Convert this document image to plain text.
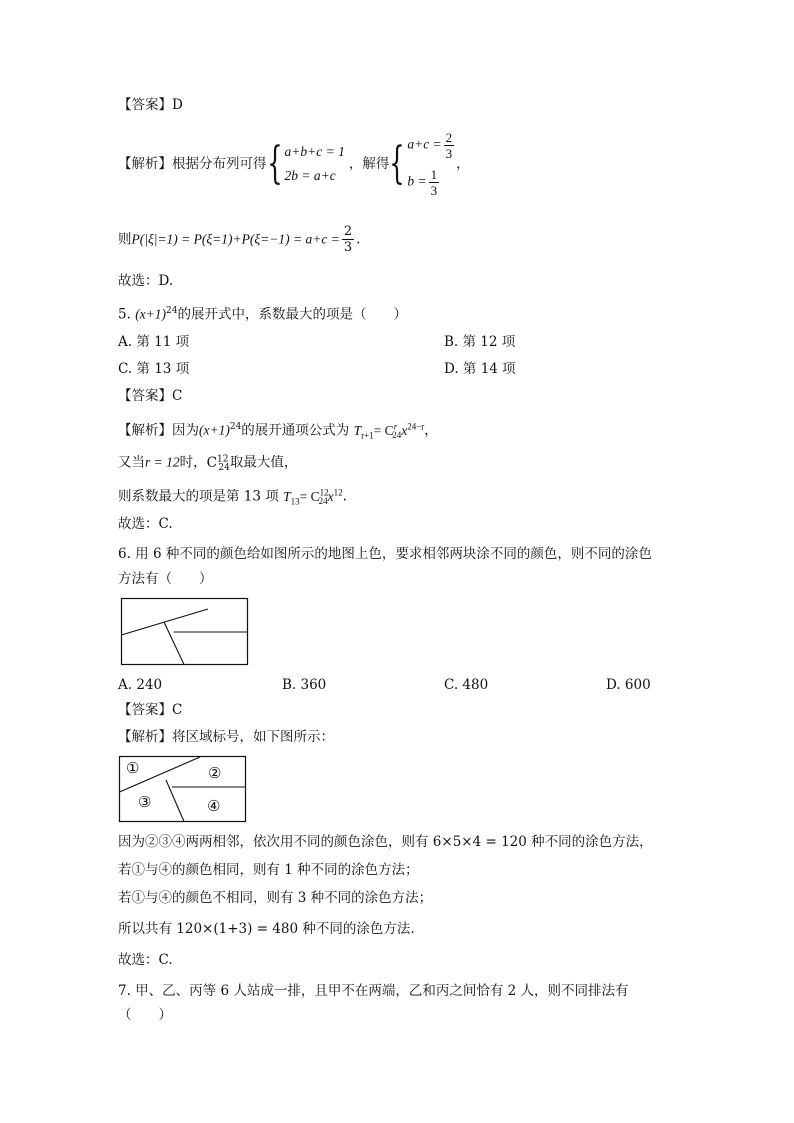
【答案】D
【解析】根据分布列可得{ a+b+c = 1
2b = a+c
，解得{ $a+c = \frac{2}{3}$
$b = \frac{1}{3}$
，
则$P(|\xi|=1) = P(\xi=1)+P(\xi=-1) = a+c = \frac{2}{3}$ .
故选：D.
5. $(x+1)^{24}$的展开式中，系数最大的项是（　　）
A. 第 11 项	B. 第 12 项
C. 第 13 项	D. 第 14 项
【答案】C
【解析】因为$(x+1)^{24}$的展开通项公式为 $T_{r+1}= C^r_{24}x^{24-r}$，
又当r = 12时，$C^{12}_{24}$取最大值，
则系数最大的项是第 13 项 $T_{13}= C^{12}_{24}x^{12}$.
故选：C.
6. 用 6 种不同的颜色给如图所示的地图上色，要求相邻两块涂不同的颜色，则不同的涂色
方法有（　　）
A. 240	B. 360	C. 480	D. 600
【答案】C
【解析】将区域标号，如下图所示：
①	②
③	④
因为②③④两两相邻，依次用不同的颜色涂色，则有 6×5×4 = 120 种不同的涂色方法，
若①与④的颜色相同，则有 1 种不同的涂色方法；
若①与④的颜色不相同，则有 3 种不同的涂色方法；
所以共有 120×(1+3) = 480 种不同的涂色方法.
故选：C.
7. 甲、乙、丙等 6 人站成一排，且甲不在两端，乙和丙之间恰有 2 人，则不同排法有
（　　）
